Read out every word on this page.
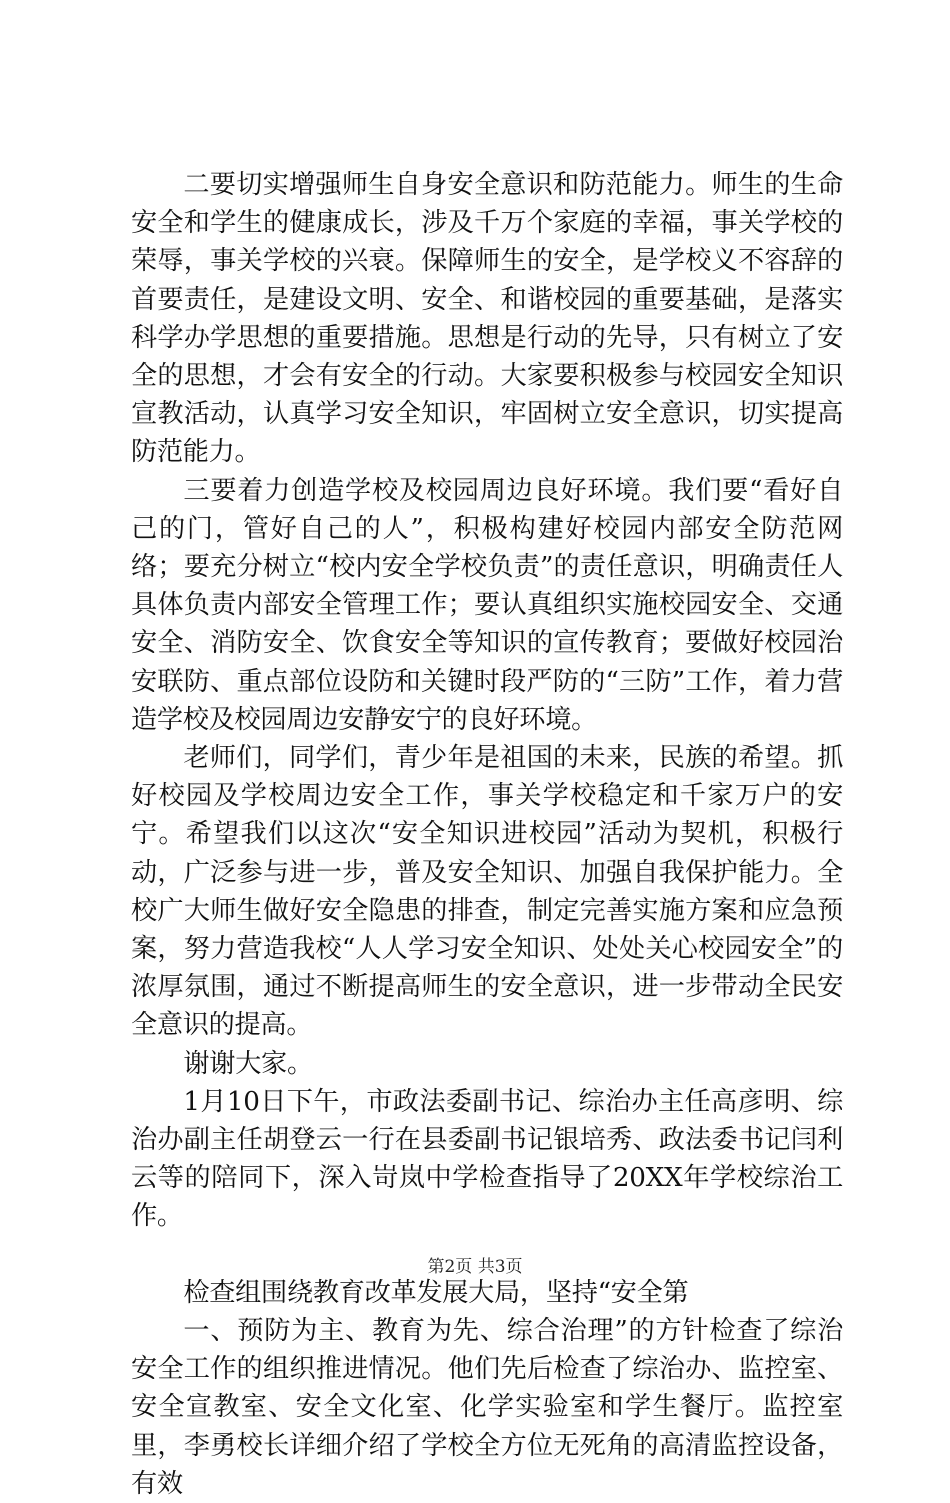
二要切实增强师生自身安全意识和防范能力。师生的生命安全和学生的健康成长，涉及千万个家庭的幸福，事关学校的荣辱，事关学校的兴衰。保障师生的安全，是学校义不容辞的首要责任，是建设文明、安全、和谐校园的重要基础，是落实科学办学思想的重要措施。思想是行动的先导，只有树立了安全的思想，才会有安全的行动。大家要积极参与校园安全知识宣教活动，认真学习安全知识，牢固树立安全意识，切实提高防范能力。

三要着力创造学校及校园周边良好环境。我们要“看好自己的门，管好自己的人”，积极构建好校园内部安全防范网络；要充分树立“校内安全学校负责”的责任意识，明确责任人具体负责内部安全管理工作；要认真组织实施校园安全、交通安全、消防安全、饮食安全等知识的宣传教育；要做好校园治安联防、重点部位设防和关键时段严防的“三防”工作，着力营造学校及校园周边安静安宁的良好环境。

老师们，同学们，青少年是祖国的未来，民族的希望。抓好校园及学校周边安全工作，事关学校稳定和千家万户的安宁。希望我们以这次“安全知识进校园”活动为契机，积极行动，广泛参与进一步，普及安全知识、加强自我保护能力。全校广大师生做好安全隐患的排查，制定完善实施方案和应急预案，努力营造我校“人人学习安全知识、处处关心校园安全”的浓厚氛围，通过不断提高师生的安全意识，进一步带动全民安全意识的提高。

谢谢大家。

1月10日下午，市政法委副书记、综治办主任高彦明、综治办副主任胡登云一行在县委副书记银培秀、政法委书记闫利云等的陪同下，深入岢岚中学检查指导了20XX年学校综治工作。

检查组围绕教育改革发展大局，坚持“安全第

一、预防为主、教育为先、综合治理”的方针检查了综治安全工作的组织推进情况。他们先后检查了综治办、监控室、安全宣教室、安全文化室、化学实验室和学生餐厅。监控室里，李勇校长详细介绍了学校全方位无死角的高清监控设备，有效

第2页 共3页
